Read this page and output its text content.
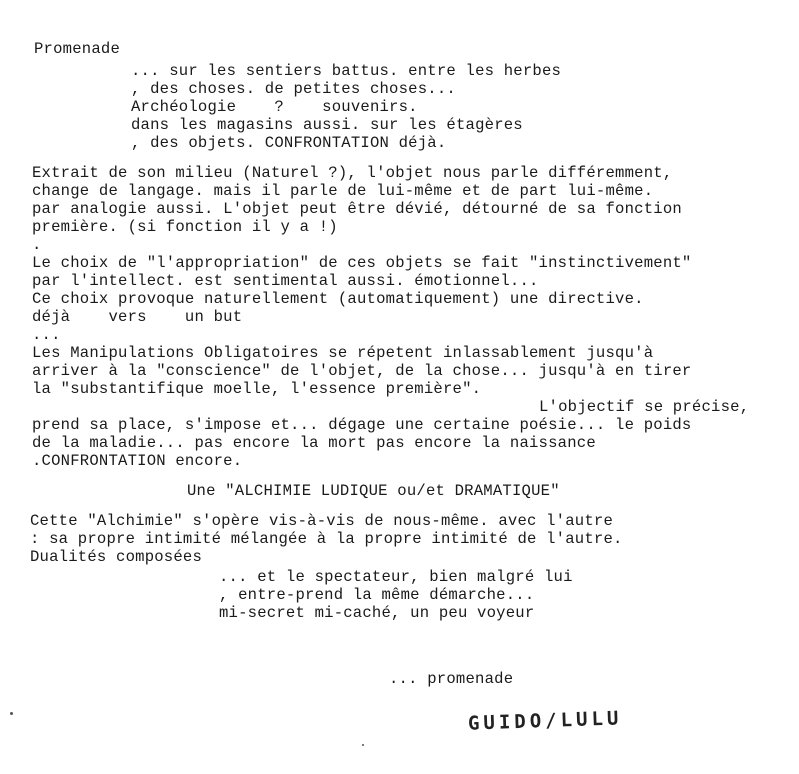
Promenade
... sur les sentiers battus. entre les herbes
, des choses. de petites choses...
Archéologie    ?    souvenirs.
dans les magasins aussi. sur les étagères
, des objets. CONFRONTATION déjà.
Extrait de son milieu (Naturel ?), l'objet nous parle différemment,
change de langage. mais il parle de lui-même et de part lui-même.
par analogie aussi. L'objet peut être dévié, détourné de sa fonction
première. (si fonction il y a !)
.
Le choix de "l'appropriation" de ces objets se fait "instinctivement"
par l'intellect. est sentimental aussi. émotionnel...
Ce choix provoque naturellement (automatiquement) une directive.
déjà    vers    un but
...
Les Manipulations Obligatoires se répetent inlassablement jusqu'à
arriver à la "conscience" de l'objet, de la chose... jusqu'à en tirer
la "substantifique moelle, l'essence première".
L'objectif se précise,
prend sa place, s'impose et... dégage une certaine poésie... le poids
de la maladie... pas encore la mort pas encore la naissance
.CONFRONTATION encore.
Une "ALCHIMIE LUDIQUE ou/et DRAMATIQUE"
Cette "Alchimie" s'opère vis-à-vis de nous-même. avec l'autre
: sa propre intimité mélangée à la propre intimité de l'autre.
Dualités composées
... et le spectateur, bien malgré lui
, entre-prend la même démarche...
mi-secret mi-caché, un peu voyeur
... promenade
GUIDO/LULU
